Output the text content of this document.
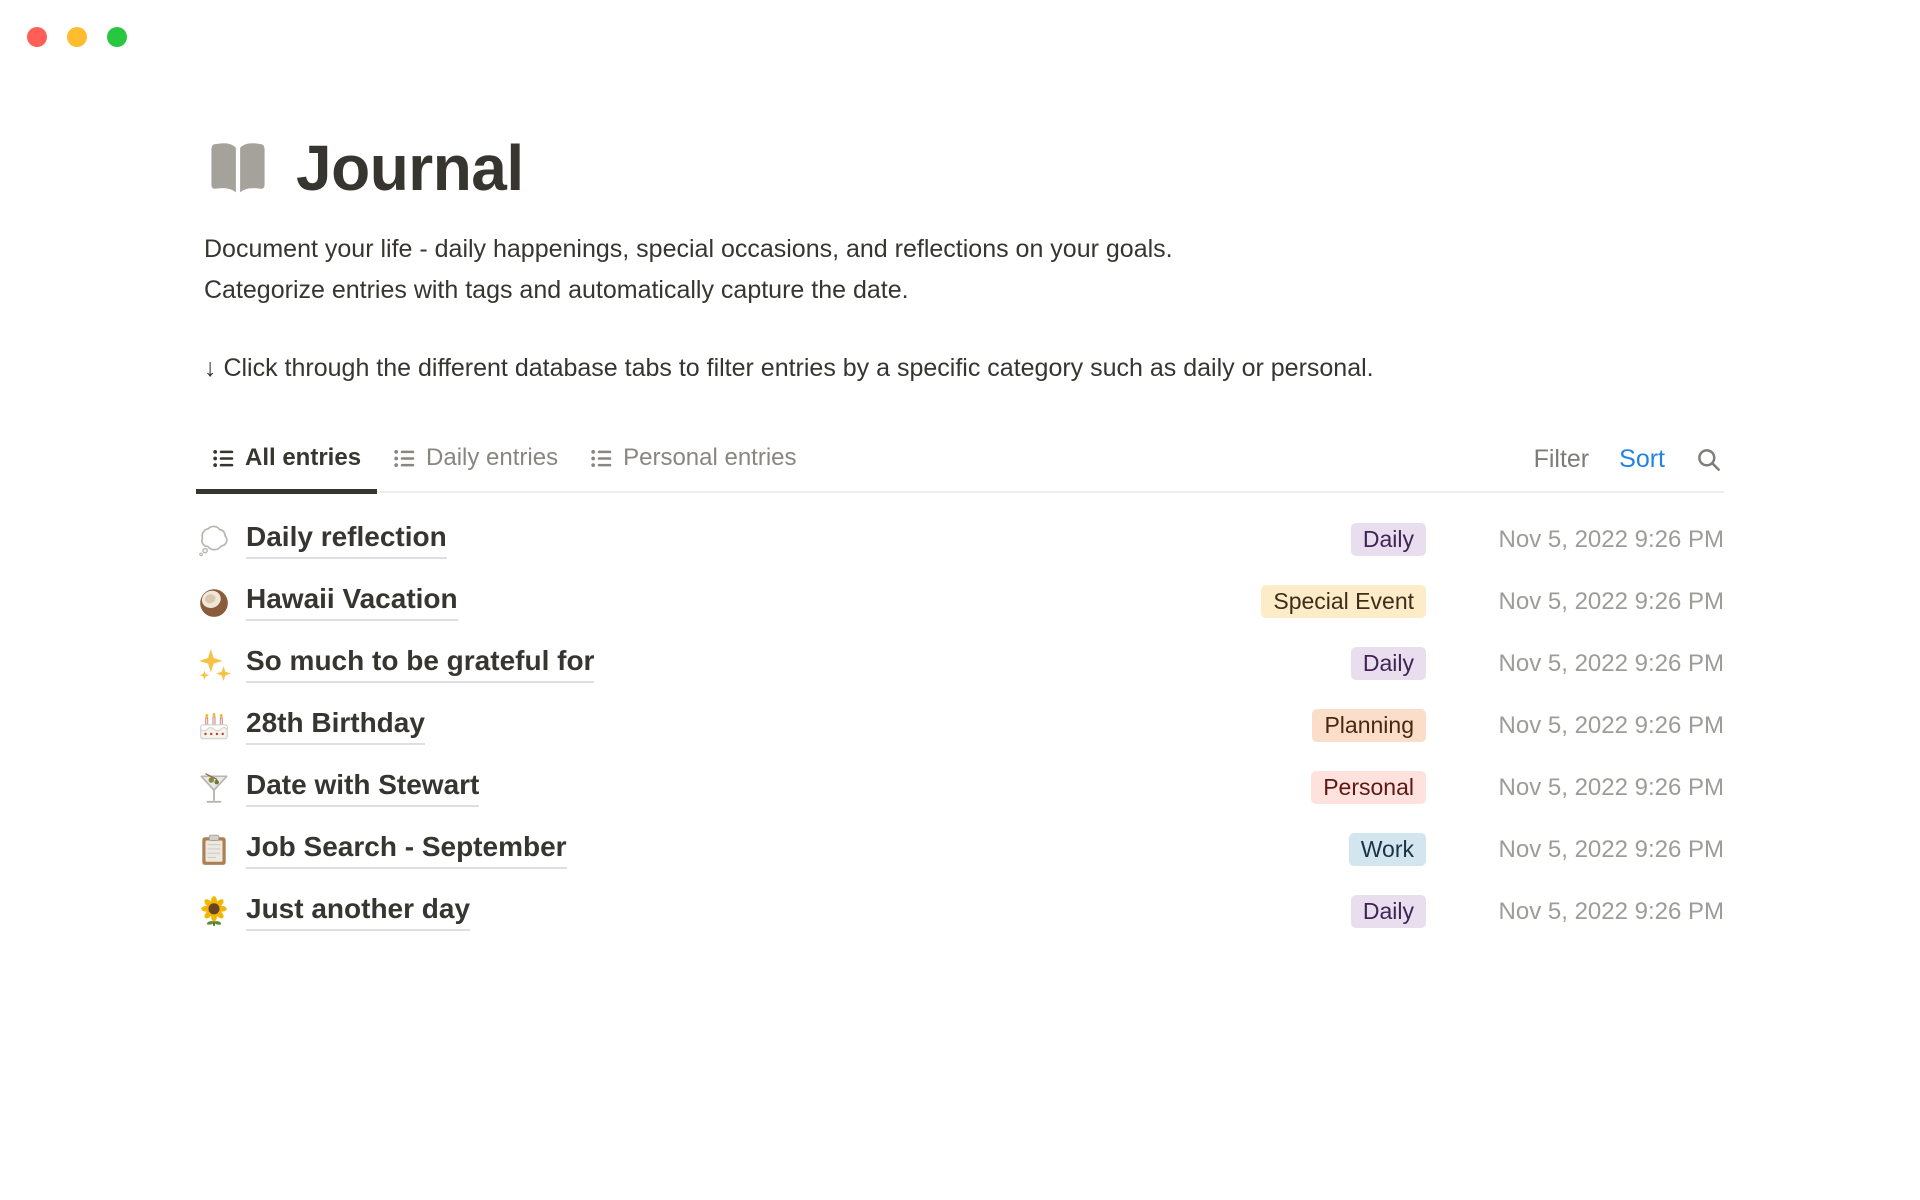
Journal

Document your life - daily happenings, special occasions, and reflections on your goals.

Categorize entries with tags and automatically capture the date.

↓ Click through the different database tabs to filter entries by a specific category such as daily or personal.

All entries	Daily entries	Personal entries	Filter Sort
Daily reflection	Daily	Nov 5, 2022 9:26 PM
Hawaii Vacation	Special Event	Nov 5, 2022 9:26 PM
So much to be grateful for	Daily	Nov 5, 2022 9:26 PM
28th Birthday	Planning	Nov 5, 2022 9:26 PM
Date with Stewart	Personal	Nov 5, 2022 9:26 PM
Job Search - September	Work	Nov 5, 2022 9:26 PM
Just another day	Daily	Nov 5, 2022 9:26 PM
